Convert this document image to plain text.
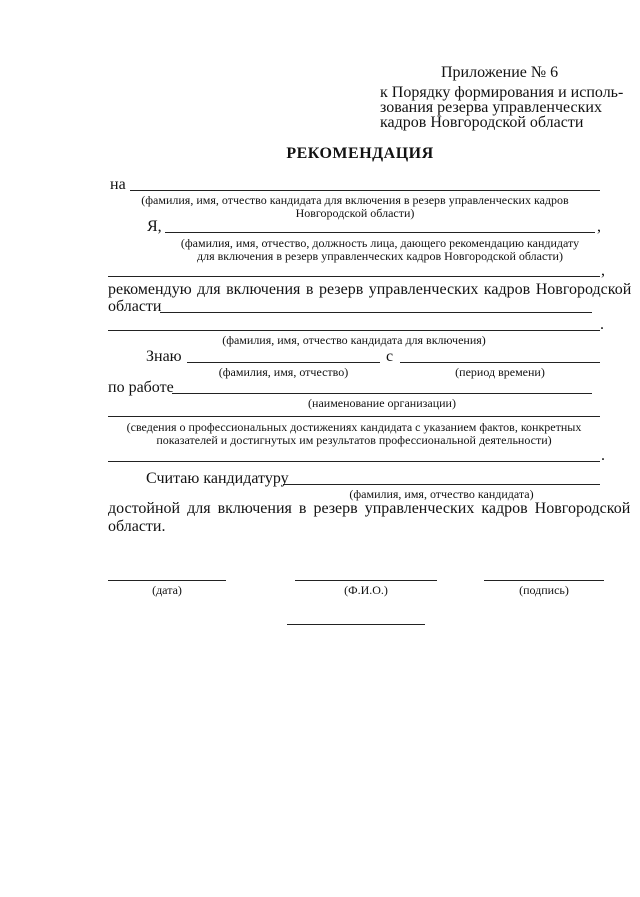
Приложение № 6
к Порядку формирования и исполь-
зования резерва управленческих
кадров Новгородской области
РЕКОМЕНДАЦИЯ
на
(фамилия, имя, отчество кандидата для включения в резерв управленческих кадров
Новгородской области)
Я,	,
(фамилия, имя, отчество, должность лица, дающего рекомендацию кандидату
для включения в резерв управленческих кадров Новгородской области)
,
рекомендую для включения в резерв управленческих кадров Новгородской
области
.
(фамилия, имя, отчество кандидата для включения)
Знаю	с
(фамилия, имя, отчество)	(период времени)
по работе
(наименование организации)
(сведения о профессиональных достижениях кандидата с указанием фактов, конкретных
показателей и достигнутых им результатов профессиональной деятельности)
.
Считаю кандидатуру
(фамилия, имя, отчество кандидата)
достойной для включения в резерв управленческих кадров Новгородской
области.
(дата)	(Ф.И.О.)	(подпись)
